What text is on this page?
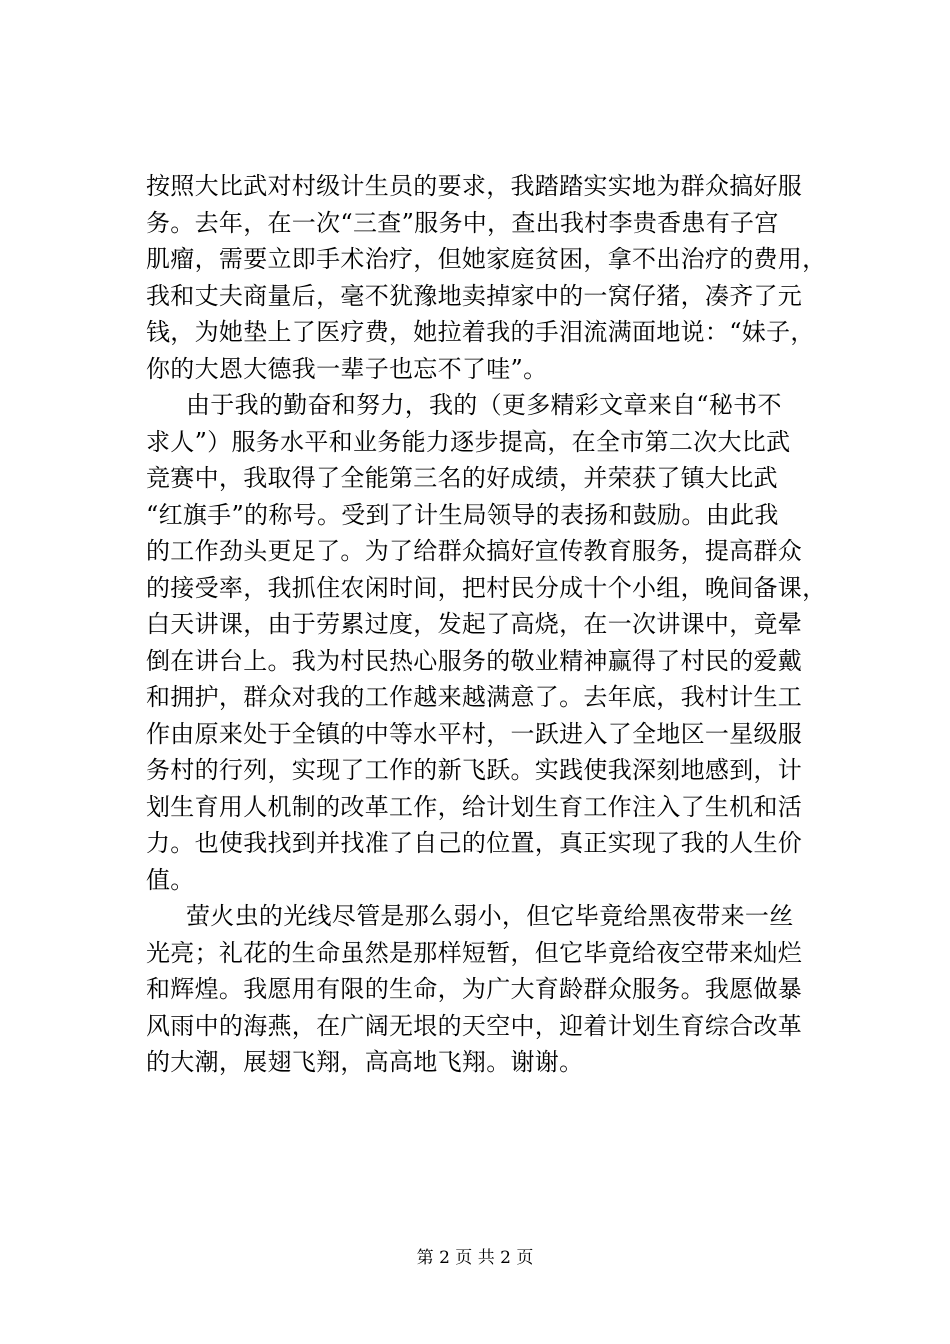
按照大比武对村级计生员的要求，我踏踏实实地为群众搞好服
务。去年，在一次“三查”服务中，查出我村李贵香患有子宫
肌瘤，需要立即手术治疗，但她家庭贫困，拿不出治疗的费用，
我和丈夫商量后，毫不犹豫地卖掉家中的一窝仔猪，凑齐了元
钱，为她垫上了医疗费，她拉着我的手泪流满面地说：“妹子，
你的大恩大德我一辈子也忘不了哇”。
由于我的勤奋和努力，我的（更多精彩文章来自“秘书不
求人”）服务水平和业务能力逐步提高，在全市第二次大比武
竞赛中，我取得了全能第三名的好成绩，并荣获了镇大比武
“红旗手”的称号。受到了计生局领导的表扬和鼓励。由此我
的工作劲头更足了。为了给群众搞好宣传教育服务，提高群众
的接受率，我抓住农闲时间，把村民分成十个小组，晚间备课，
白天讲课，由于劳累过度，发起了高烧，在一次讲课中，竟晕
倒在讲台上。我为村民热心服务的敬业精神赢得了村民的爱戴
和拥护，群众对我的工作越来越满意了。去年底，我村计生工
作由原来处于全镇的中等水平村，一跃进入了全地区一星级服
务村的行列，实现了工作的新飞跃。实践使我深刻地感到，计
划生育用人机制的改革工作，给计划生育工作注入了生机和活
力。也使我找到并找准了自己的位置，真正实现了我的人生价
值。
萤火虫的光线尽管是那么弱小，但它毕竟给黑夜带来一丝
光亮；礼花的生命虽然是那样短暂，但它毕竟给夜空带来灿烂
和辉煌。我愿用有限的生命，为广大育龄群众服务。我愿做暴
风雨中的海燕，在广阔无垠的天空中，迎着计划生育综合改革
的大潮，展翅飞翔，高高地飞翔。谢谢。
第 2 页 共 2 页
